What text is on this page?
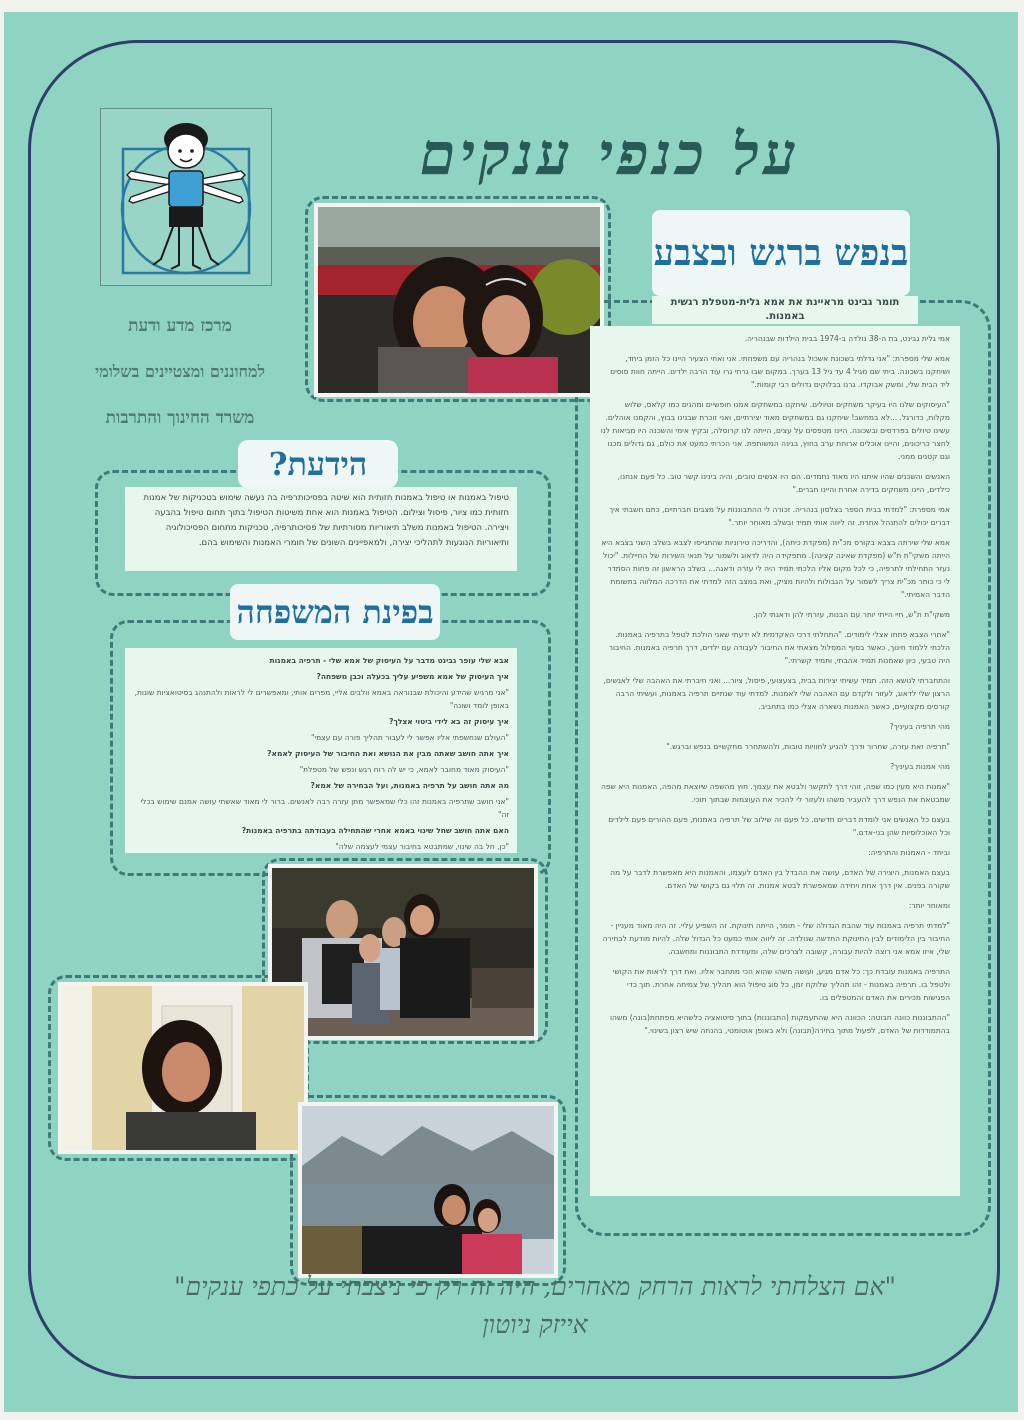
על כנפי ענקים
מרכז מדע ודעת
למחוננים ומצטיינים בשלומי
משרד החינוך והתרבות
בנפש ברגש ובצבע
תומר גבינט מראיינת את אמא גלית-מטפלת רגשית באמנות.

אמי גלית גבינט, בת ה-38 נולדה ב-1974 בבית הילדות שבנהריה.

אמא שלי מספרת: "אני גדלתי בשכונת אשכול בנהריה עם משפחתי. אני ואחי הצעיר היינו כל הזמן ביחד, ושיחקנו בשכונה. ביתי שם מגיל 4 עד גיל 13 בערך. במקום שבו גרתי גרו עוד הרבה ילדים. הייתה חוות סוסים ליד הבית שלי, ומשק אבוקדו. גרנו בבלוקים גדולים רבי קומות."

"העיסוקים שלנו היו בעיקר משחקים וטיולים. שיחקנו במשחקים אמנו חופשיים ומהנים כמו קלאס, שלוש מקלות, כדורגל. ...לא במחשב! שיחקנו גם במשחקים מאוד יצירתיים, ואני זוכרת שבנינו בבוץ, והקמנו אוהלים. עשינו טיולים בפרדסים ובשכונה. היינו מטפסים על עצים, הייתה לנו קרוסלה, ובקיץ אימי והשכנה היו מביאות לנו לחצר כריכונים, והיינו אוכלים ארוחת ערב בחוץ, בגינה המשותפת. אני הכרתי כמעט את כולם, גם גדולים מכנו וגם קטנים ממני.

האנשים והשכנים שהיו איתנו היו מאוד נחמדים. הם היו אנשים טובים, והיה בינינו קשר טוב. כל פעם אנחנו, כילדים, היינו משחקים בדירה אחרת והיינו חברים."

אמי מספרת: "למדתי בבית הספר בצלסון בנהריה. זכורה לי ההתבוננות על מצבים חברתיים, כתם חשבתי איך דברים יכולים להתנהל אחרת. זה ליווה אותי תמיד ובשלב מאוחר יותר."

אמא שלי שירתה בצבא בקורס מכ"ית (מפקדת כיתה), והדריכה טירוניות שהתגייסו לצבא בשלב השני בצבא היא הייתה משקי"ת ת"ש (מפקדת שאינה קצינה). מתפקידה היה לדאוג ולשמור על תנאי השירות של החיילות. "יכול נעזר התחילתי לתרפיה, כי לכל מקום אליו הלכתי תמיד היה לי עזרה ודאגה... בשלב הראשון זה פחות הסתדר לי כי כותר מכ"ית צריך לשמור על הגבולות ולהיות מציק, ואת במצב הזה למדתי את הדרכה המלווה בתשומת הדבר האמיתי."

משקי"ת ת"ש, חיי הייתי יותר עם הבנות, עזרתי להן ודאגתי להן.

"אחרי הצבא פתחו אצלי לימודים. "התחלתי דרכי האקדמית לא ידעתי שאני הולכת לטפל בתרפיה באמנות. הלכתי ללמוד חינוך, כאשר בסוף המסלול מצאתי את החיבור לעבודה עם ילדים, דרך תרפיה באמנות. החיבור היה טבעי, כיון שאמנות תמיד אהבתי, ותמיד קשרתי."

והתחברתי לנושא הזה. תמיד עשיתי יצירות בבית, בצעצועי, פיסול, ציור... ואני חיברתי את האהבה שלי לאנשים, הרצון שלי לדאוג, לעזור ולקדם עם האהבה שלי לאמנות. למדתי עוד שנתיים תרפיה באמנות, ועשיתי הרבה קורסים מקצועיים, כאשר האמנות נשארה אצלי כמו בתחביב.

מהי תרפיה בעיניך?

"תרפיה זאת עזרה, שחרור ודרך להגיע לחוויות טובות, ולהשתחרר מחקשיים בנפש וברגש."

מהי אמנות בעיניך?

"אמנות היא מעין כמו שפה, זוהי דרך לתקשר ולבטא את עצמך. חוץ מהשפה שיוצאת מהפה, האמנות היא שפה שמבטאת את הנפש דרך להעביר משהו ולעזור לי להכיר את העוצמות שבתוך תוכי.

בעצם כל האנשים אני לומדת דברים חדשים. כל פעם זה שילוב של תרפיה באמנות, פעם ההורים פעם לילדים וכל האוכלוסיות שהן בני-אדם."

וביחד - האמנות והתרפיה:

בעצם האמנות, היצירה של האדם, עושה את ההבדל בין האדם לעצמו, והאמנות היא מאפשרת לדבר על מה שקורה בפנים. אין דרך אחת ויחידה שמאפשרת לבטא אמנות. זה תלוי גם בקושי של האדם.

ומאוחר יותר:

"למדתי תרפיה באמנות עוד שהבת הגדולה שלי - תומר, הייתה תינוקת. זה השפיע עליי. זה היה מאוד מעניין - החיבור בין הלימודים לבין התינוקת החדשה שנולדה. זה ליווה אותי כמעט כל הגדול שלה. להיות מודעת לבחירה שלי, איזו אמא אני רוצה להיות עבורה, קשובה לצרכים שלה, ומעודדת התבוננות ומחשבה.

התרפיה באמנות עובדת כך: כל אדם מגיע, ועושה משהו שהוא הכי מתחבר אליו. ואת דרך לראות את הקושי ולטפל בו. תרפיה באמנות - זהו תהליך שלוקח זמן, כל סוג טיפול הוא תהליך של צמיחה אחרת. תוך כדי הפגישות מכירים את האדם והמטפלים בו.

"ההתבוננות כוונה חבוטה: הכוונה היא שהתעמקות (התבוננות) בתוך סיטואציה כלשהיא מפתחת(בונה) משהו בהתמודדות של האדם, לפעול מתוך בחירה(תבונה) ולא באופן אוטומטי, בהנחה שיש רצון בשינוי."

הידעת?
טיפול באמנות או טיפול באמנות חזותית הוא שיטה בפסיכותרפיה בה נעשה שימוש בטכניקות של אמנות חזותית כמו ציור, פיסול וצילום. הטיפול באמנות הוא אחת משיטות הטיפול בתוך תחום טיפול בהבעה ויצירה. הטיפול באמנות משלב תיאוריות מסורתיות של פסיכותרפיה, טכניקות מתחום הפסיכולוגיה ותיאוריות הנוגעות לתהליכי יצירה, ולמאפיינים השונים של חומרי האמנות והשימוש בהם.
בפינת המשפחה

אבא שלי עופר גבינט מדבר על העיסוק של אמא שלי - תרפיה באמנות

איך העיסוק של אמא משפיע עליך בכעלה וכבן משפחה?

"אני מרגיש שהידע והיכולת שבנוראה באמא וולבים אליי, מפרים אותי, ומאפשרים לי לראות ולהתנהג בסיטואציות שונות, באופן לומד ושונה"

איך עיסוק זה בא לידי ביטוי אצלך?

"העולם שנחשפתי אליו אפשר לי לעבור תהליך פורה עם עצמי"

איך אתה חושב שאתה מבין את הנושא ואת החיבור של העיסוק לאמא?

"העיסוק מאוד מחובר לאמא, כי יש לה רוח רגש ונפש של מטפלת"

מה אתה חושב על תרפיה באמנות, ועל הבחירה של אמא?

"אני חושב שתרפיה באמנות זהו כלי שמאפשר מתן עזרה רבה לאנשים. ברור לי מאוד שאשתי עושה אמנם שימוש בכלי זה"

האם אתה חושב שחל שינוי באמא אחרי שהתחילה בעבודתה בתרפיה באמנות?

"כן, חל בה שינוי, שמתבטא בחיבור עצמי לעצמה שלה"

"אם הצלחתי לראות הרחק מאחרים, היה זה רק כי ניצבתי על כתפי ענקים"
אייזק ניוטון
